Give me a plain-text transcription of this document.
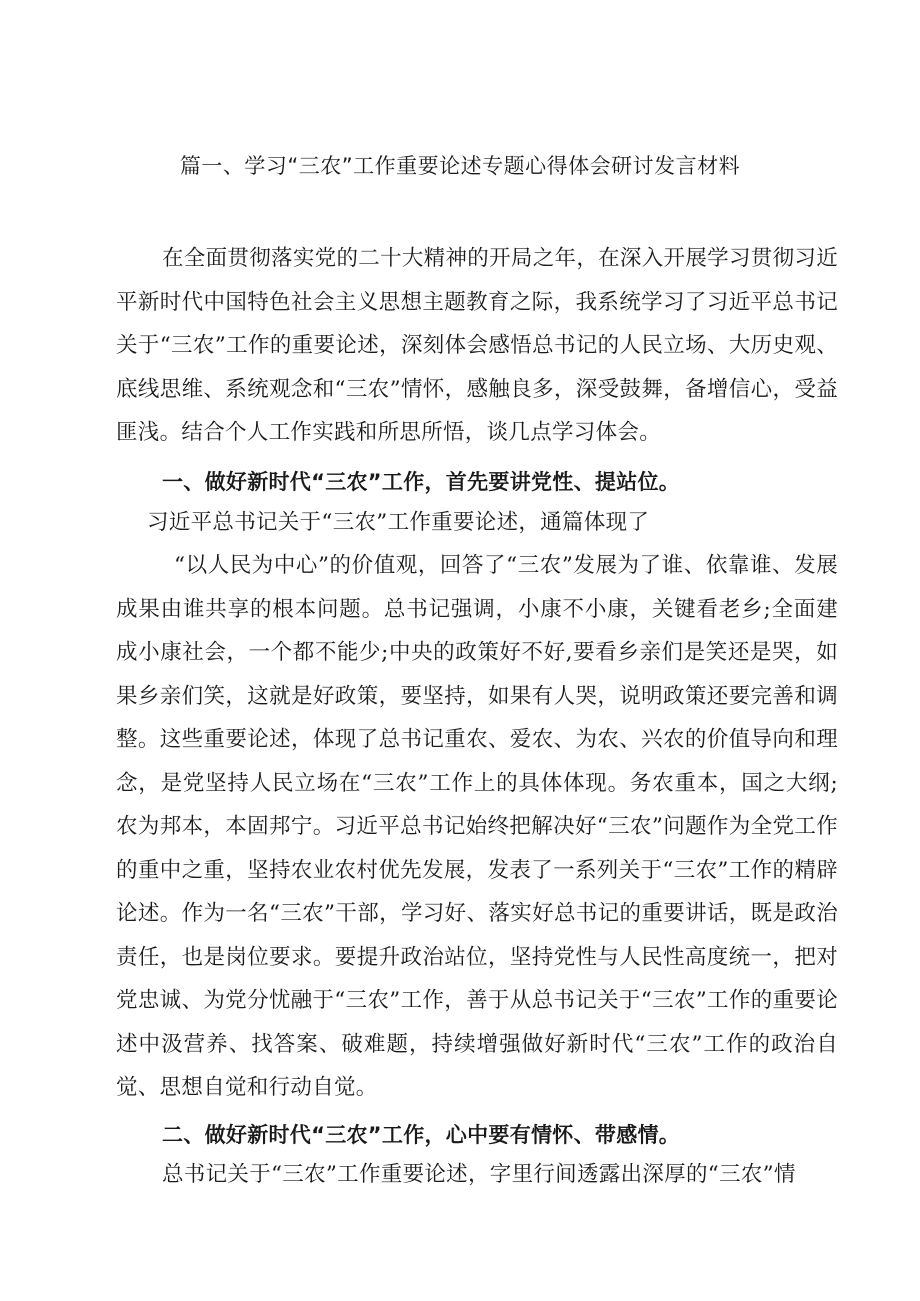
篇一、学习“三农”工作重要论述专题心得体会研讨发言材料

在全面贯彻落实党的二十大精神的开局之年，在深入开展学习贯彻习近平新时代中国特色社会主义思想主题教育之际，我系统学习了习近平总书记关于“三农”工作的重要论述，深刻体会感悟总书记的人民立场、大历史观、底线思维、系统观念和“三农”情怀，感触良多，深受鼓舞，备增信心，受益匪浅。结合个人工作实践和所思所悟，谈几点学习体会。

一、做好新时代“三农”工作，首先要讲党性、提站位。

习近平总书记关于“三农”工作重要论述，通篇体现了

“以人民为中心”的价值观，回答了“三农”发展为了谁、依靠谁、发展成果由谁共享的根本问题。总书记强调，小康不小康，关键看老乡;全面建成小康社会，一个都不能少;中央的政策好不好,要看乡亲们是笑还是哭，如果乡亲们笑，这就是好政策，要坚持，如果有人哭，说明政策还要完善和调整。这些重要论述，体现了总书记重农、爱农、为农、兴农的价值导向和理念，是党坚持人民立场在“三农”工作上的具体体现。务农重本，国之大纲;农为邦本，本固邦宁。习近平总书记始终把解决好“三农”问题作为全党工作的重中之重，坚持农业农村优先发展，发表了一系列关于“三农”工作的精辟论述。作为一名“三农”干部，学习好、落实好总书记的重要讲话，既是政治责任，也是岗位要求。要提升政治站位，坚持党性与人民性高度统一，把对党忠诚、为党分忧融于“三农”工作，善于从总书记关于“三农”工作的重要论述中汲营养、找答案、破难题，持续增强做好新时代“三农”工作的政治自觉、思想自觉和行动自觉。

二、做好新时代“三农”工作，心中要有情怀、带感情。

总书记关于“三农”工作重要论述，字里行间透露出深厚的“三农”情
